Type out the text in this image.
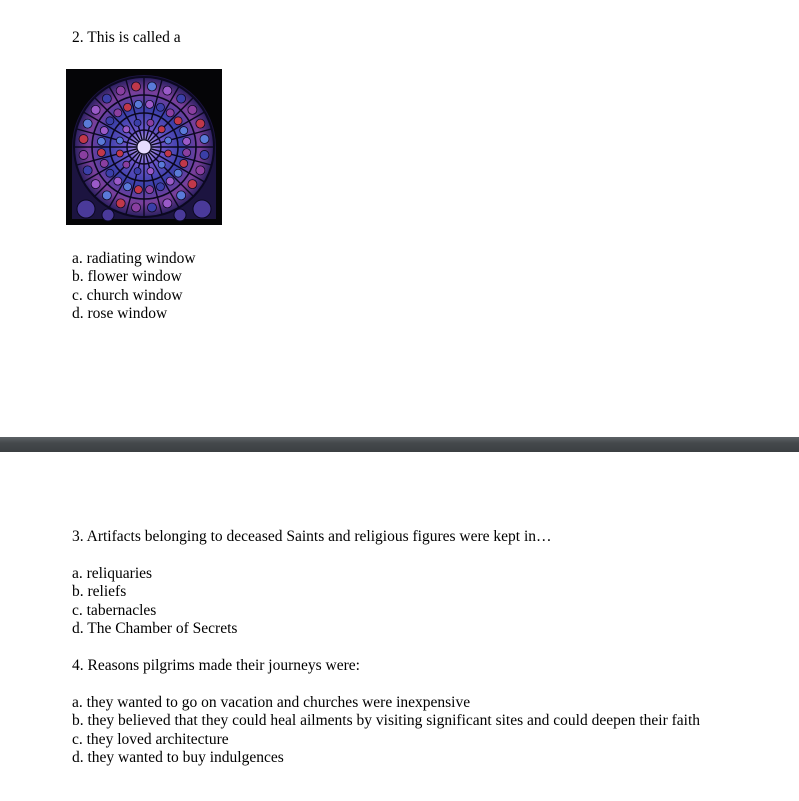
2. This is called a
a. radiating window
b. flower window
c. church window
d. rose window
3. Artifacts belonging to deceased Saints and religious figures were kept in…
a. reliquaries
b. reliefs
c. tabernacles
d. The Chamber of Secrets
4. Reasons pilgrims made their journeys were:
a. they wanted to go on vacation and churches were inexpensive
b. they believed that they could heal ailments by visiting significant sites and could deepen their faith
c. they loved architecture
d. they wanted to buy indulgences
